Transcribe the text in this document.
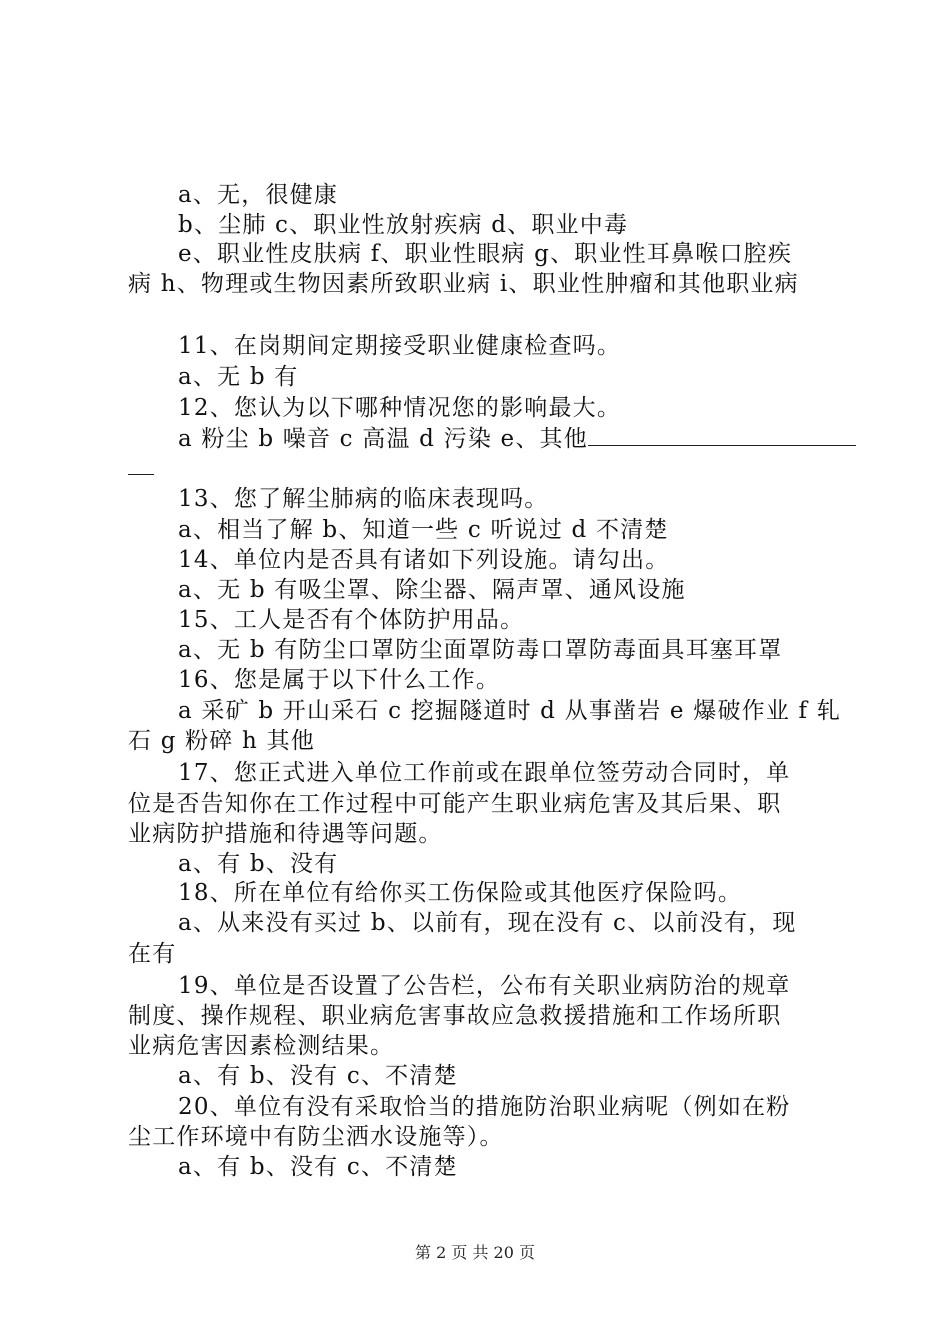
a、无，很健康
b、尘肺 c、职业性放射疾病 d、职业中毒
e、职业性皮肤病 f、职业性眼病 g、职业性耳鼻喉口腔疾
病 h、物理或生物因素所致职业病 i、职业性肿瘤和其他职业病
11、在岗期间定期接受职业健康检查吗。
a、无 b 有
12、您认为以下哪种情况您的影响最大。
a 粉尘 b 噪音 c 高温 d 污染 e、其他
13、您了解尘肺病的临床表现吗。
a、相当了解 b、知道一些 c 听说过 d 不清楚
14、单位内是否具有诸如下列设施。请勾出。
a、无 b 有吸尘罩、除尘器、隔声罩、通风设施
15、工人是否有个体防护用品。
a、无 b 有防尘口罩防尘面罩防毒口罩防毒面具耳塞耳罩
16、您是属于以下什么工作。
a 采矿 b 开山采石 c 挖掘隧道时 d 从事凿岩 e 爆破作业 f 轧
石 g 粉碎 h 其他
17、您正式进入单位工作前或在跟单位签劳动合同时，单
位是否告知你在工作过程中可能产生职业病危害及其后果、职
业病防护措施和待遇等问题。
a、有 b、没有
18、所在单位有给你买工伤保险或其他医疗保险吗。
a、从来没有买过 b、以前有，现在没有 c、以前没有，现
在有
19、单位是否设置了公告栏，公布有关职业病防治的规章
制度、操作规程、职业病危害事故应急救援措施和工作场所职
业病危害因素检测结果。
a、有 b、没有 c、不清楚
20、单位有没有采取恰当的措施防治职业病呢（例如在粉
尘工作环境中有防尘洒水设施等）。
a、有 b、没有 c、不清楚
第 2 页 共 20 页
